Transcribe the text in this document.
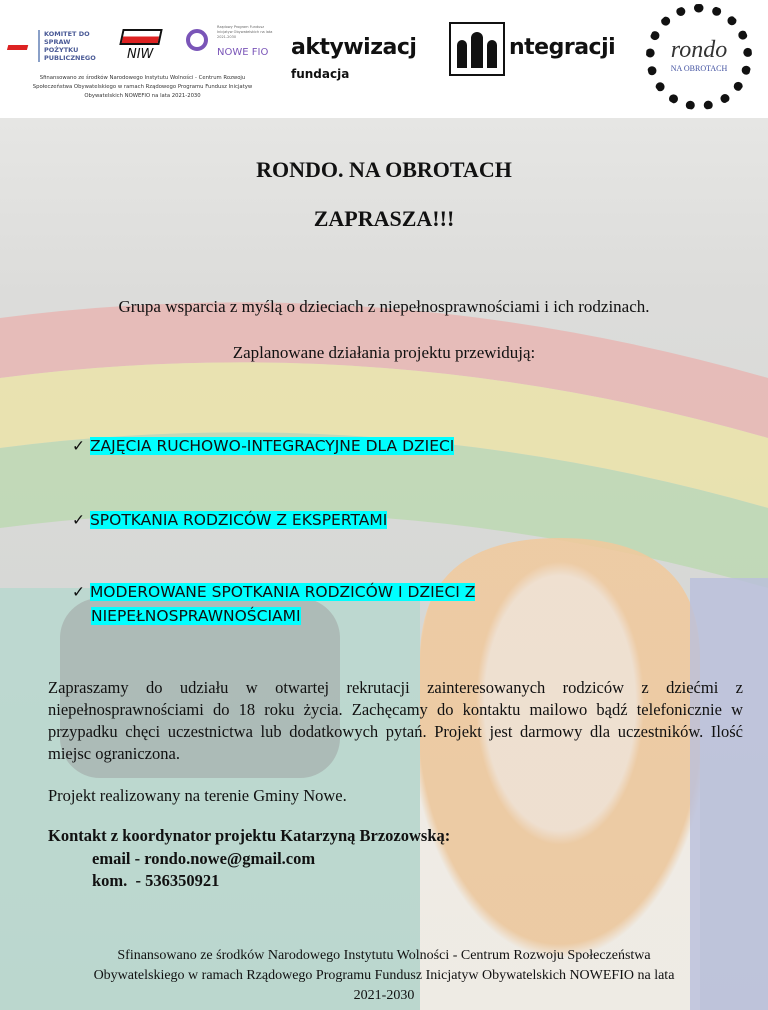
KOMITET DO SPRAW POŻYTKU PUBLICZNEGO	NIW
Rządowy Program Fundusz Inicjatyw Obywatelskich na lata 2021-2030
NOWE FIO
Sfinansowano ze środków Narodowego Instytutu Wolności - Centrum Rozwoju
Społeczeństwa Obywatelskiego w ramach Rządowego Programu Fundusz Inicjatyw
Obywatelskich NOWEFIO na lata 2021-2030
aktywizacj	ntegracji
fundacja
rondo
NA OBROTACH
RONDO. NA OBROTACH
ZAPRASZA!!!
Grupa wsparcia z myślą o dzieciach z niepełnosprawnościami i ich rodzinach.
Zaplanowane działania projektu przewidują:
✓ ZAJĘCIA RUCHOWO-INTEGRACYJNE DLA DZIECI
✓ SPOTKANIA RODZICÓW Z EKSPERTAMI
✓ MODEROWANE SPOTKANIA RODZICÓW I DZIECI Z
NIEPEŁNOSPRAWNOŚCIAMI
Zapraszamy do udziału w otwartej rekrutacji zainteresowanych rodziców z dziećmi z niepełnosprawnościami do 18 roku życia. Zachęcamy do kontaktu mailowo bądź telefonicznie w przypadku chęci uczestnictwa lub dodatkowych pytań. Projekt jest darmowy dla uczestników. Ilość miejsc ograniczona.
Projekt realizowany na terenie Gminy Nowe.
Kontakt z koordynator projektu Katarzyną Brzozowską:
email - rondo.nowe@gmail.com
kom.  - 536350921
Sfinansowano ze środków Narodowego Instytutu Wolności - Centrum Rozwoju Społeczeństwa
Obywatelskiego w ramach Rządowego Programu Fundusz Inicjatyw Obywatelskich NOWEFIO na lata
2021-2030
